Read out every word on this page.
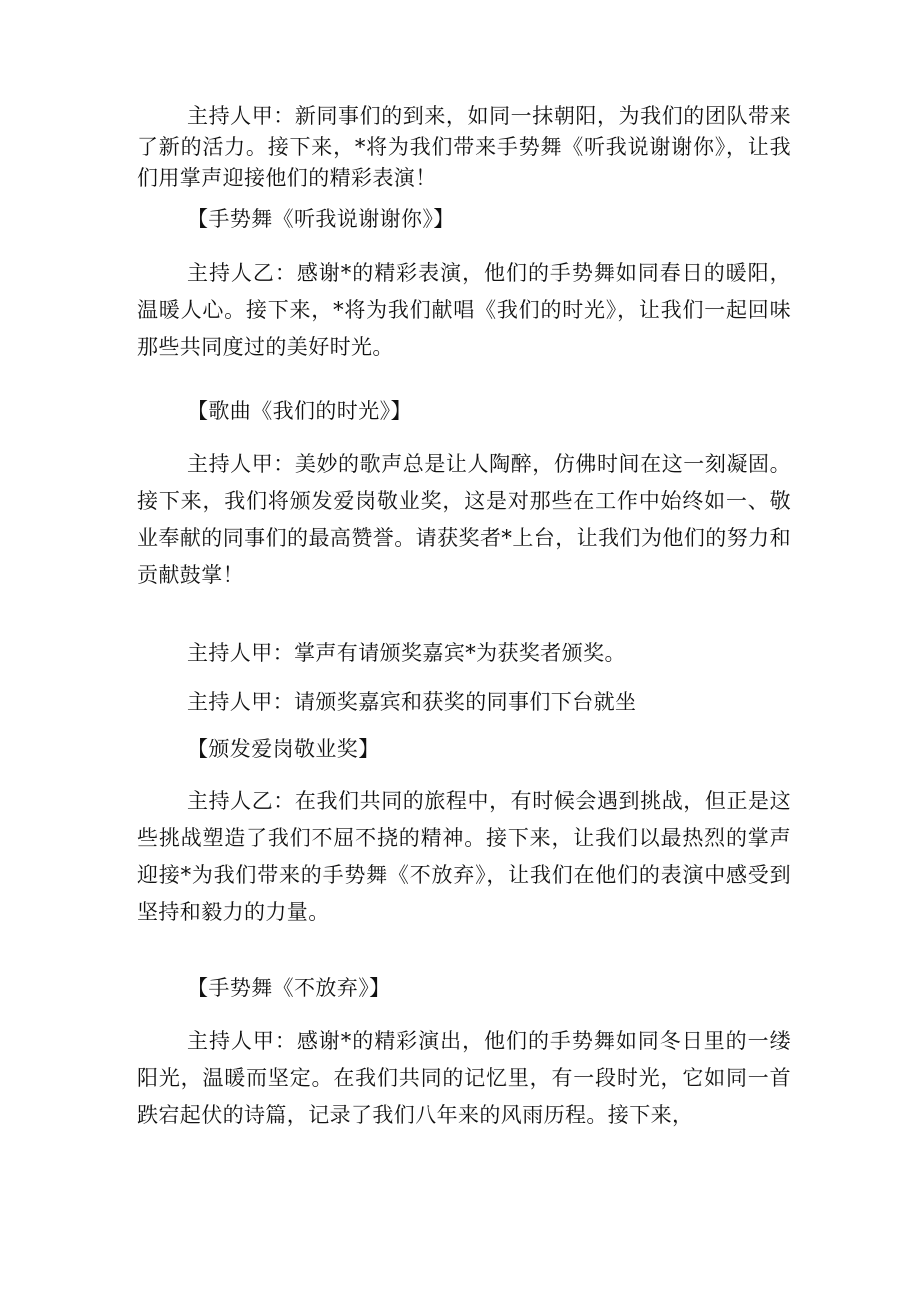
主持人甲：新同事们的到来，如同一抹朝阳，为我们的团队带来了新的活力。接下来，*将为我们带来手势舞《听我说谢谢你》，让我们用掌声迎接他们的精彩表演！

【手势舞《听我说谢谢你》】

主持人乙：感谢*的精彩表演，他们的手势舞如同春日的暖阳，温暖人心。接下来，*将为我们献唱《我们的时光》，让我们一起回味那些共同度过的美好时光。

【歌曲《我们的时光》】

主持人甲：美妙的歌声总是让人陶醉，仿佛时间在这一刻凝固。接下来，我们将颁发爱岗敬业奖，这是对那些在工作中始终如一、敬业奉献的同事们的最高赞誉。请获奖者*上台，让我们为他们的努力和贡献鼓掌！

主持人甲：掌声有请颁奖嘉宾*为获奖者颁奖。

主持人甲：请颁奖嘉宾和获奖的同事们下台就坐

【颁发爱岗敬业奖】

主持人乙：在我们共同的旅程中，有时候会遇到挑战，但正是这些挑战塑造了我们不屈不挠的精神。接下来，让我们以最热烈的掌声迎接*为我们带来的手势舞《不放弃》，让我们在他们的表演中感受到坚持和毅力的力量。

【手势舞《不放弃》】

主持人甲：感谢*的精彩演出，他们的手势舞如同冬日里的一缕阳光，温暖而坚定。在我们共同的记忆里，有一段时光，它如同一首跌宕起伏的诗篇，记录了我们八年来的风雨历程。接下来，
